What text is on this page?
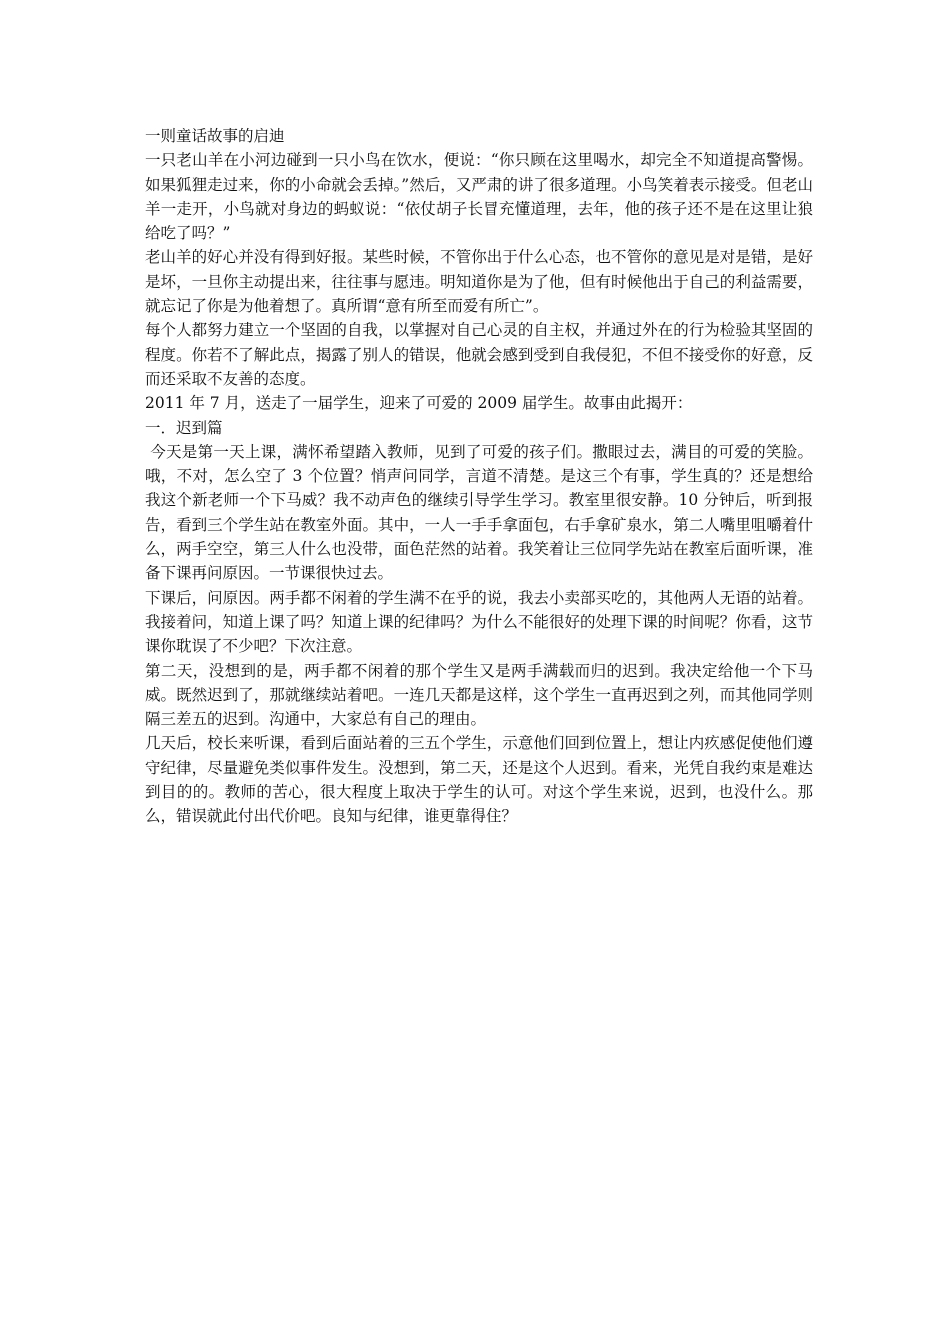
一则童话故事的启迪

一只老山羊在小河边碰到一只小鸟在饮水，便说：“你只顾在这里喝水，却完全不知道提高警惕。如果狐狸走过来，你的小命就会丢掉。”然后，又严肃的讲了很多道理。小鸟笑着表示接受。但老山羊一走开，小鸟就对身边的蚂蚁说：“依仗胡子长冒充懂道理，去年，他的孩子还不是在这里让狼给吃了吗？”

老山羊的好心并没有得到好报。某些时候，不管你出于什么心态，也不管你的意见是对是错，是好是坏，一旦你主动提出来，往往事与愿违。明知道你是为了他，但有时候他出于自己的利益需要，就忘记了你是为他着想了。真所谓“意有所至而爱有所亡”。

每个人都努力建立一个坚固的自我，以掌握对自己心灵的自主权，并通过外在的行为检验其坚固的程度。你若不了解此点，揭露了别人的错误，他就会感到受到自我侵犯，不但不接受你的好意，反而还采取不友善的态度。

2011 年 7 月，送走了一届学生，迎来了可爱的 2009 届学生。故事由此揭开：

一．迟到篇

今天是第一天上课，满怀希望踏入教师，见到了可爱的孩子们。撒眼过去，满目的可爱的笑脸。哦，不对，怎么空了 3 个位置？悄声问同学，言道不清楚。是这三个有事，学生真的？还是想给我这个新老师一个下马威？我不动声色的继续引导学生学习。教室里很安静。10 分钟后，听到报告，看到三个学生站在教室外面。其中，一人一手手拿面包，右手拿矿泉水，第二人嘴里咀嚼着什么，两手空空，第三人什么也没带，面色茫然的站着。我笑着让三位同学先站在教室后面听课，准备下课再问原因。一节课很快过去。

下课后，问原因。两手都不闲着的学生满不在乎的说，我去小卖部买吃的，其他两人无语的站着。我接着问，知道上课了吗？知道上课的纪律吗？为什么不能很好的处理下课的时间呢？你看，这节课你耽误了不少吧？下次注意。

第二天，没想到的是，两手都不闲着的那个学生又是两手满载而归的迟到。我决定给他一个下马威。既然迟到了，那就继续站着吧。一连几天都是这样，这个学生一直再迟到之列，而其他同学则隔三差五的迟到。沟通中，大家总有自己的理由。

几天后，校长来听课，看到后面站着的三五个学生，示意他们回到位置上，想让内疚感促使他们遵守纪律，尽量避免类似事件发生。没想到，第二天，还是这个人迟到。看来，光凭自我约束是难达到目的的。教师的苦心，很大程度上取决于学生的认可。对这个学生来说，迟到，也没什么。那么，错误就此付出代价吧。良知与纪律，谁更靠得住？
